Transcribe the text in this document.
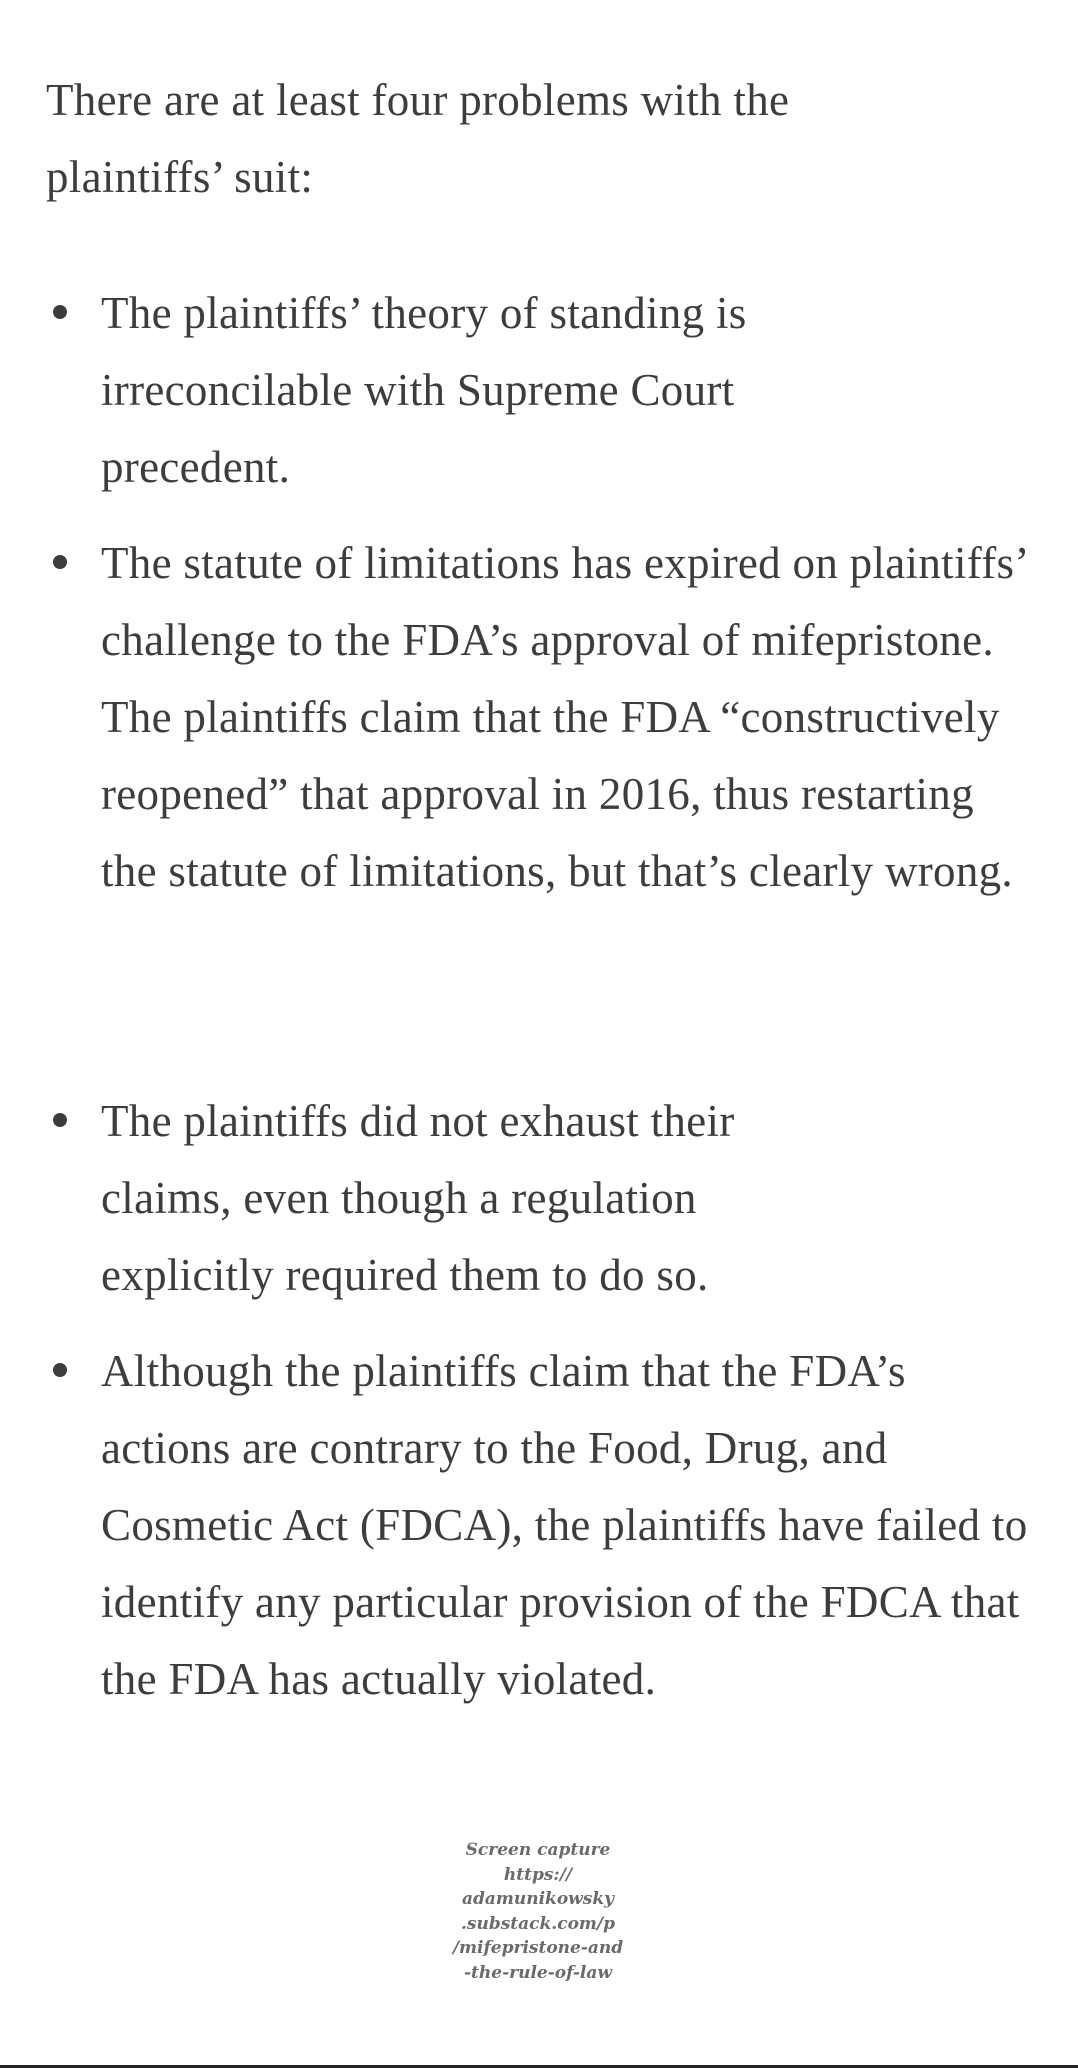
There are at least four problems with the plaintiffs’ suit:

The plaintiffs’ theory of standing is irreconcilable with Supreme Court precedent.
The statute of limitations has expired on plaintiffs’ challenge to the FDA’s approval of mifepristone. The plaintiffs claim that the FDA “constructively reopened” that approval in 2016, thus restarting the statute of limitations, but that’s clearly wrong.
The plaintiffs did not exhaust their claims, even though a regulation explicitly required them to do so.
Although the plaintiffs claim that the FDA’s actions are contrary to the Food, Drug, and Cosmetic Act (FDCA), the plaintiffs have failed to identify any particular provision of the FDCA that the FDA has actually violated.
Screen capture
https://
adamunikowsky
.substack.com/p
/mifepristone-and
-the-rule-of-law
